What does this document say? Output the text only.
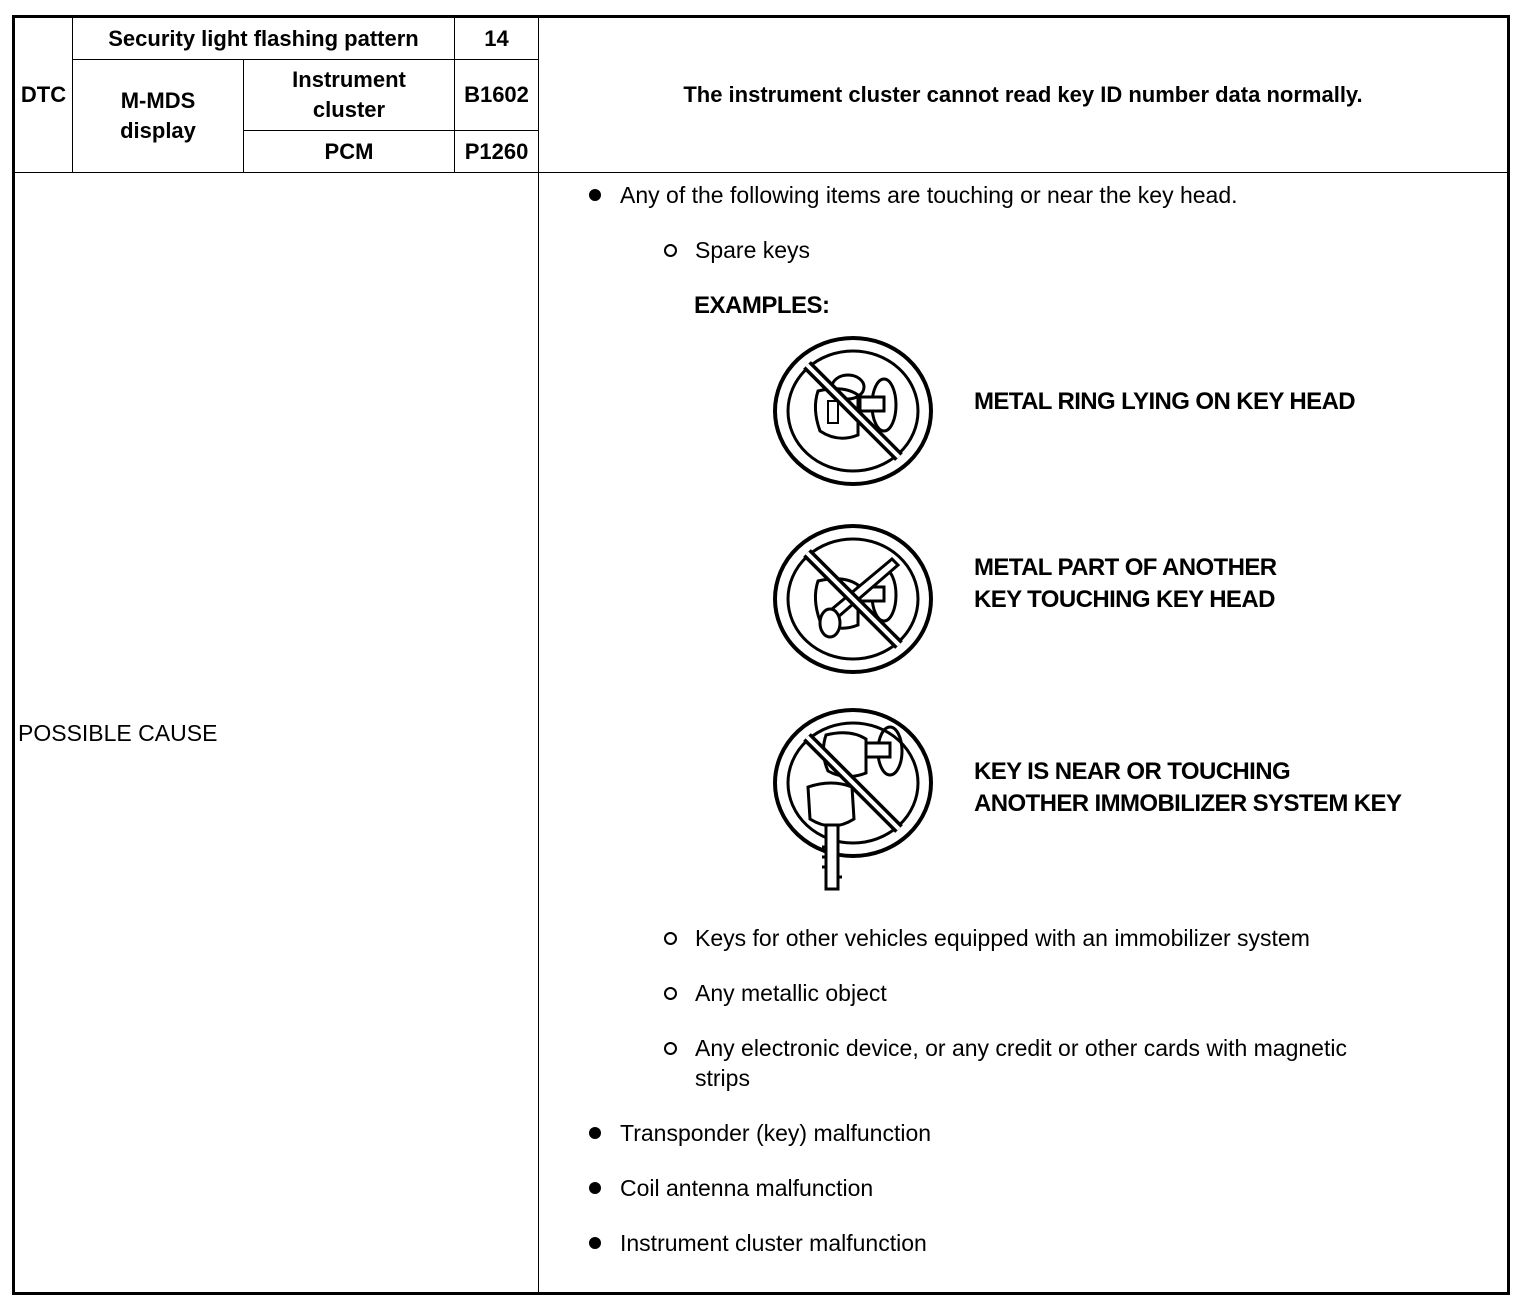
DTC
Security light flashing pattern	14
M-MDS display
Instrument cluster
B1602
PCM	P1260
The instrument cluster cannot read key ID number data normally.
POSSIBLE CAUSE
Any of the following items are touching or near the key head.
Spare keys
EXAMPLES:
METAL RING LYING ON KEY HEAD
METAL PART OF ANOTHER
KEY TOUCHING KEY HEAD
KEY IS NEAR OR TOUCHING
ANOTHER IMMOBILIZER SYSTEM KEY
Keys for other vehicles equipped with an immobilizer system
Any metallic object
Any electronic device, or any credit or other cards with magnetic
strips
Transponder (key) malfunction
Coil antenna malfunction
Instrument cluster malfunction
